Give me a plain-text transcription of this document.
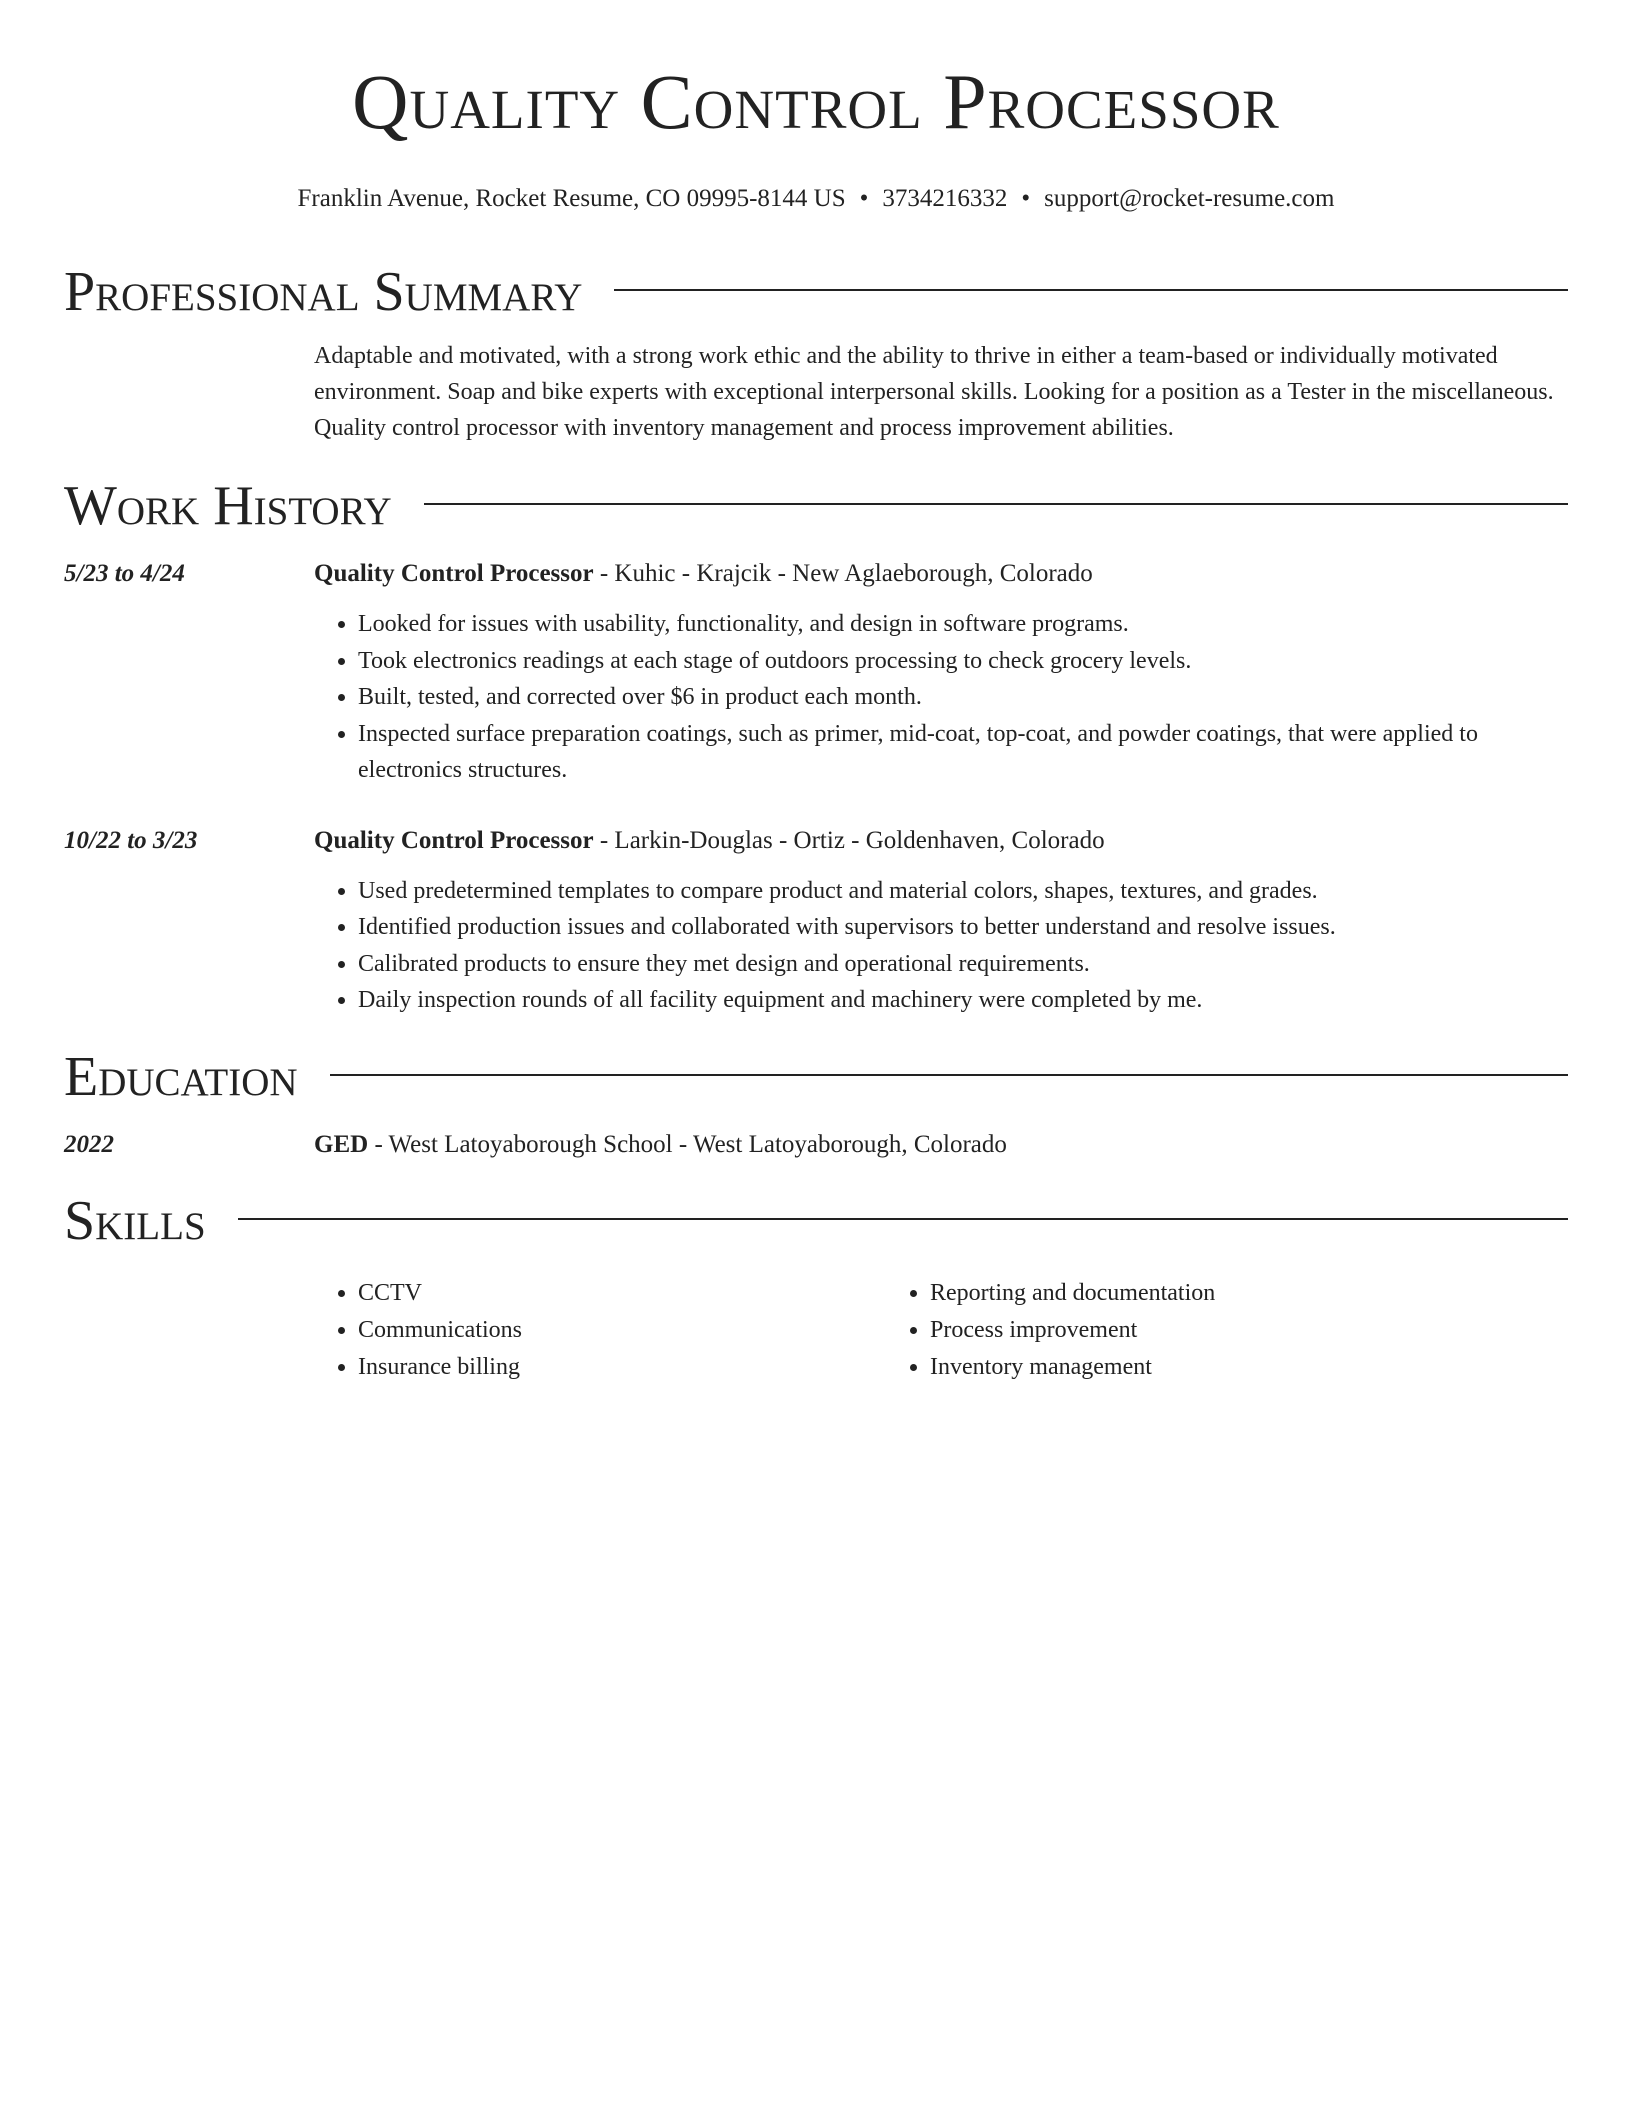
Quality Control Processor
Franklin Avenue, Rocket Resume, CO 09995-8144 US • 3734216332 • support@rocket-resume.com
Professional Summary
Adaptable and motivated, with a strong work ethic and the ability to thrive in either a team-based or individually motivated environment. Soap and bike experts with exceptional interpersonal skills. Looking for a position as a Tester in the miscellaneous. Quality control processor with inventory management and process improvement abilities.
Work History
5/23 to 4/24	Quality Control Processor - Kuhic - Krajcik - New Aglaeborough, Colorado
• Looked for issues with usability, functionality, and design in software programs.
• Took electronics readings at each stage of outdoors processing to check grocery levels.
• Built, tested, and corrected over $6 in product each month.
• Inspected surface preparation coatings, such as primer, mid-coat, top-coat, and powder coatings, that were applied to electronics structures.
10/22 to 3/23	Quality Control Processor - Larkin-Douglas - Ortiz - Goldenhaven, Colorado
• Used predetermined templates to compare product and material colors, shapes, textures, and grades.
• Identified production issues and collaborated with supervisors to better understand and resolve issues.
• Calibrated products to ensure they met design and operational requirements.
• Daily inspection rounds of all facility equipment and machinery were completed by me.
Education
2022	GED - West Latoyaborough School - West Latoyaborough, Colorado
Skills
• CCTV
• Communications
• Insurance billing
• Reporting and documentation
• Process improvement
• Inventory management
